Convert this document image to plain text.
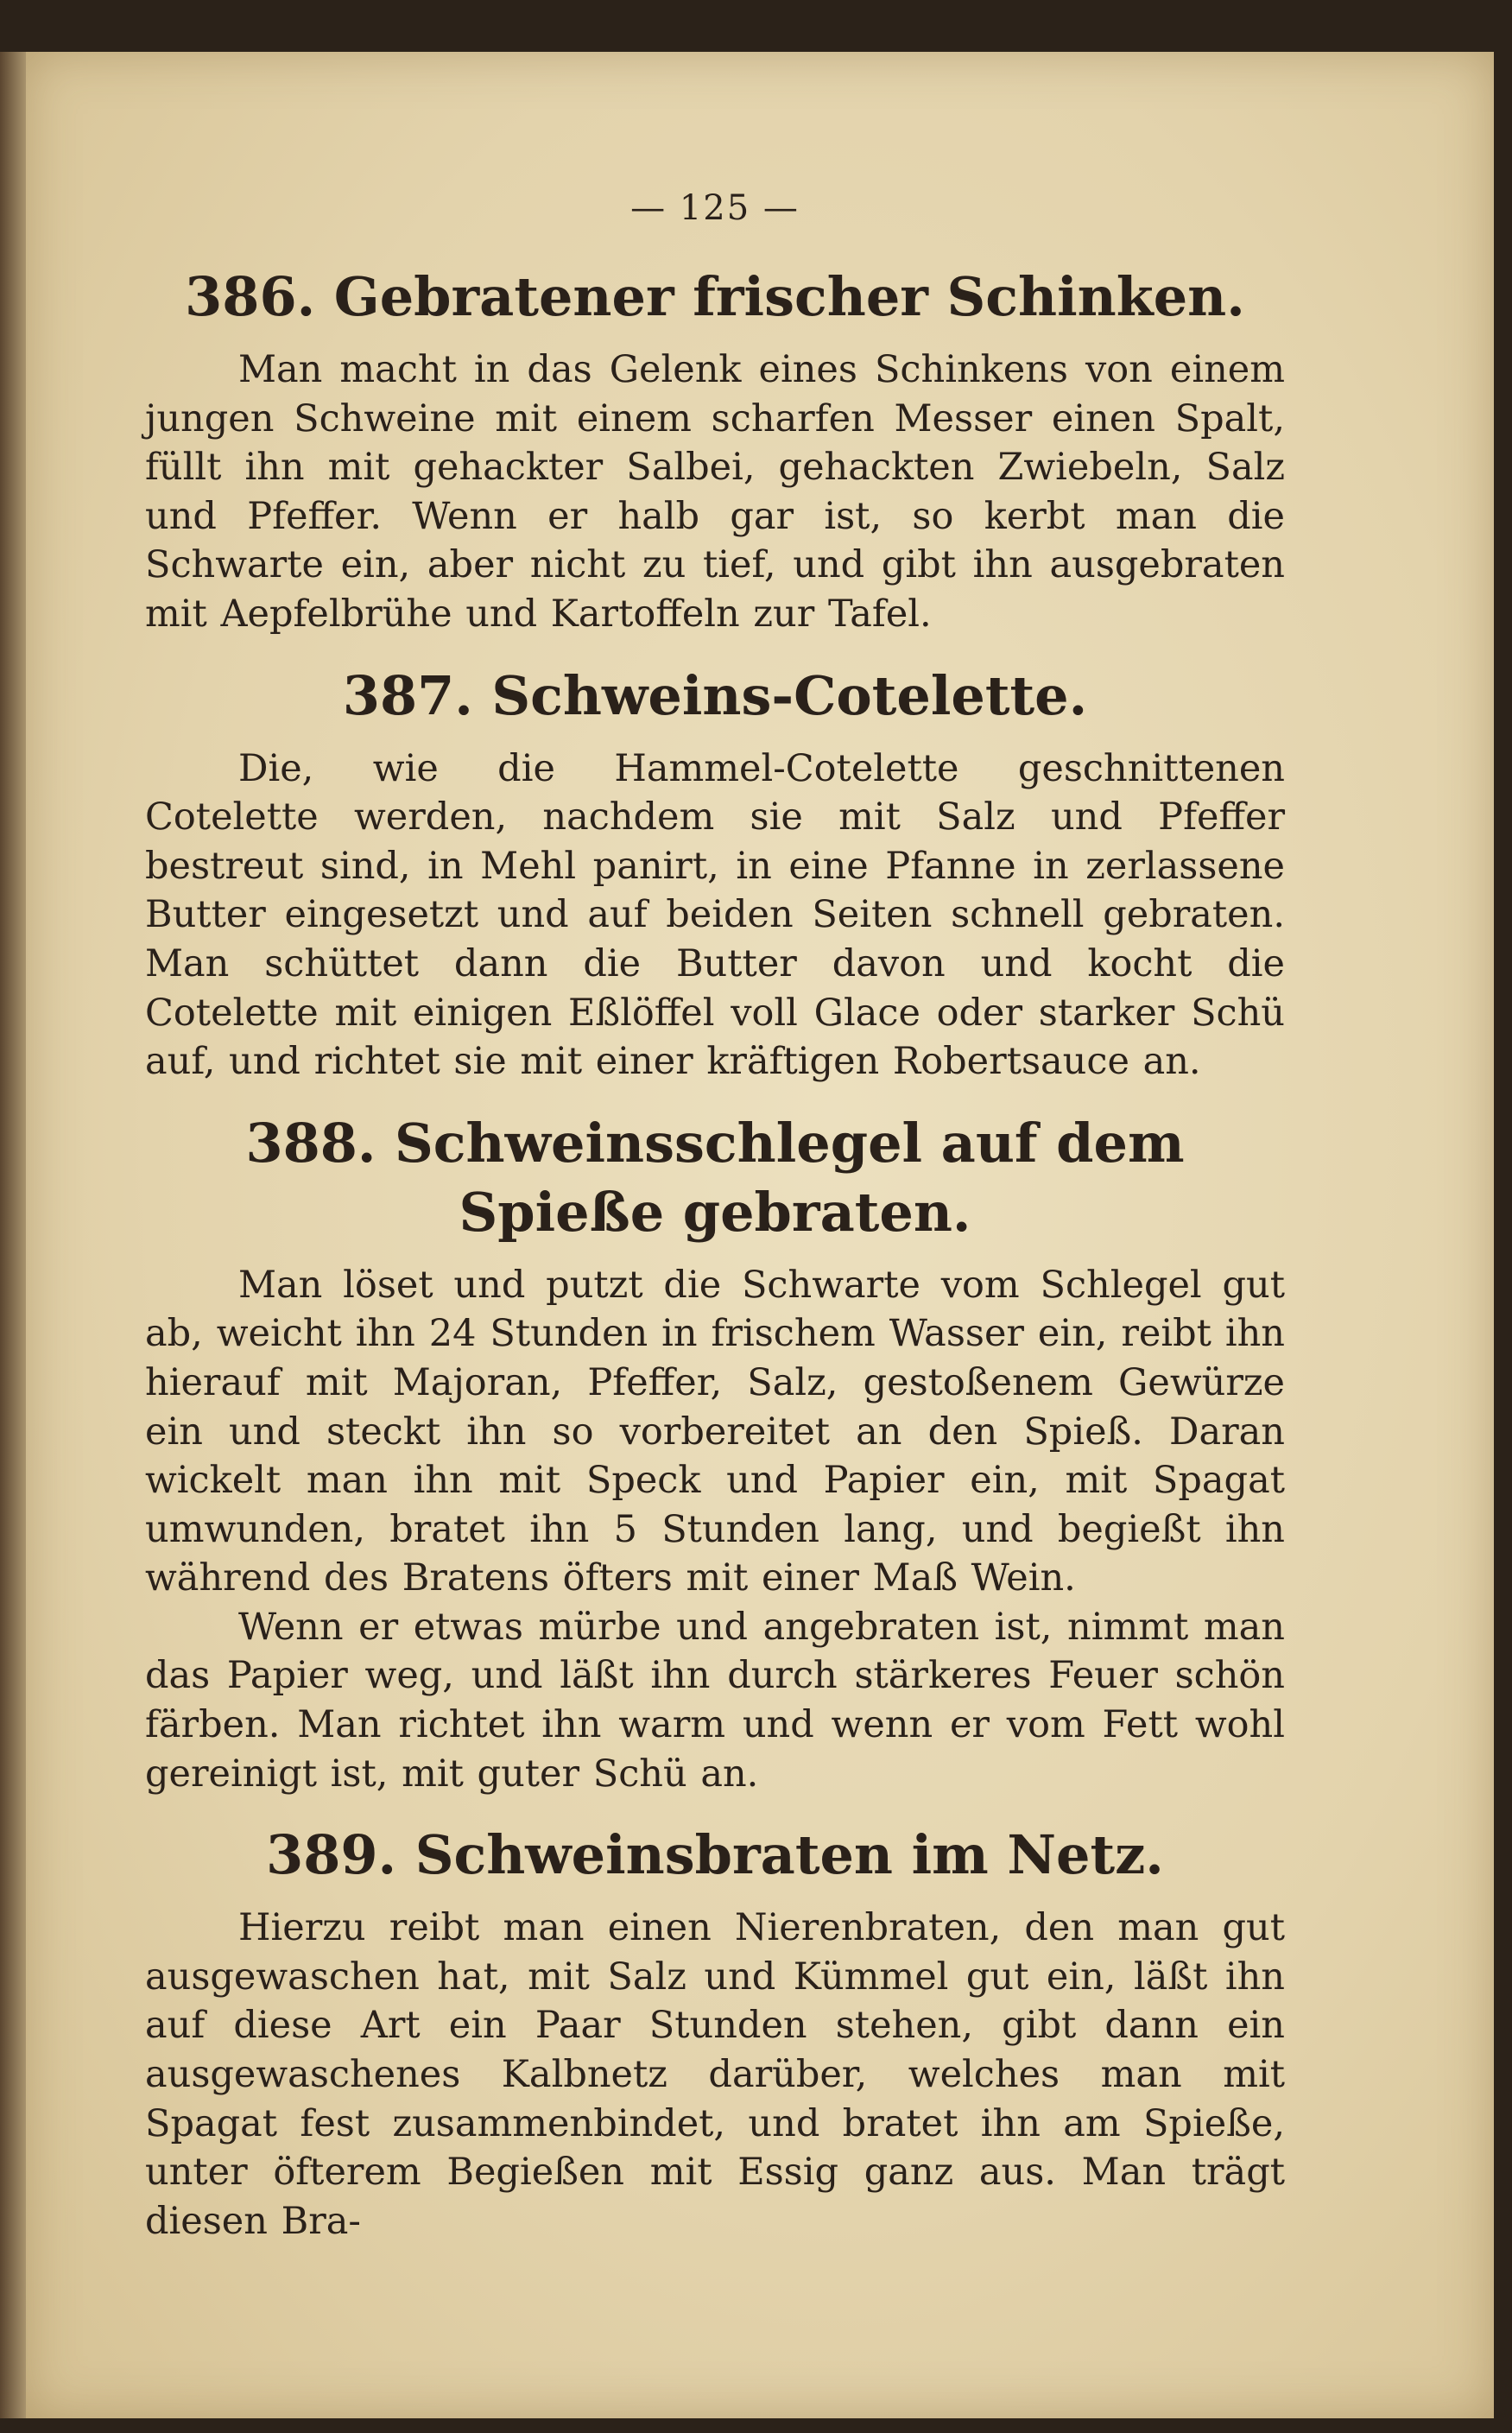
— 125 —
386. Gebratener frischer Schinken.

Man macht in das Gelenk eines Schinkens von einem jungen Schweine mit einem scharfen Messer einen Spalt, füllt ihn mit gehackter Salbei, gehackten Zwiebeln, Salz und Pfeffer. Wenn er halb gar ist, so kerbt man die Schwarte ein, aber nicht zu tief, und gibt ihn ausgebraten mit Aepfelbrühe und Kartoffeln zur Tafel.

387. Schweins-Cotelette.

Die, wie die Hammel-Cotelette geschnittenen Cotelette werden, nachdem sie mit Salz und Pfeffer bestreut sind, in Mehl panirt, in eine Pfanne in zerlassene Butter eingesetzt und auf beiden Seiten schnell gebraten. Man schüttet dann die Butter davon und kocht die Cotelette mit einigen Eßlöffel voll Glace oder starker Schü auf, und richtet sie mit einer kräftigen Robertsauce an.

388. Schweinsschlegel auf dem Spieße gebraten.

Man löset und putzt die Schwarte vom Schlegel gut ab, weicht ihn 24 Stunden in frischem Wasser ein, reibt ihn hierauf mit Majoran, Pfeffer, Salz, gestoßenem Gewürze ein und steckt ihn so vorbereitet an den Spieß. Daran wickelt man ihn mit Speck und Papier ein, mit Spagat umwunden, bratet ihn 5 Stunden lang, und begießt ihn während des Bratens öfters mit einer Maß Wein.

Wenn er etwas mürbe und angebraten ist, nimmt man das Papier weg, und läßt ihn durch stärkeres Feuer schön färben. Man richtet ihn warm und wenn er vom Fett wohl gereinigt ist, mit guter Schü an.

389. Schweinsbraten im Netz.

Hierzu reibt man einen Nierenbraten, den man gut ausgewaschen hat, mit Salz und Kümmel gut ein, läßt ihn auf diese Art ein Paar Stunden stehen, gibt dann ein ausgewaschenes Kalbnetz darüber, welches man mit Spagat fest zusammenbindet, und bratet ihn am Spieße, unter öfterem Begießen mit Essig ganz aus. Man trägt diesen Bra-
